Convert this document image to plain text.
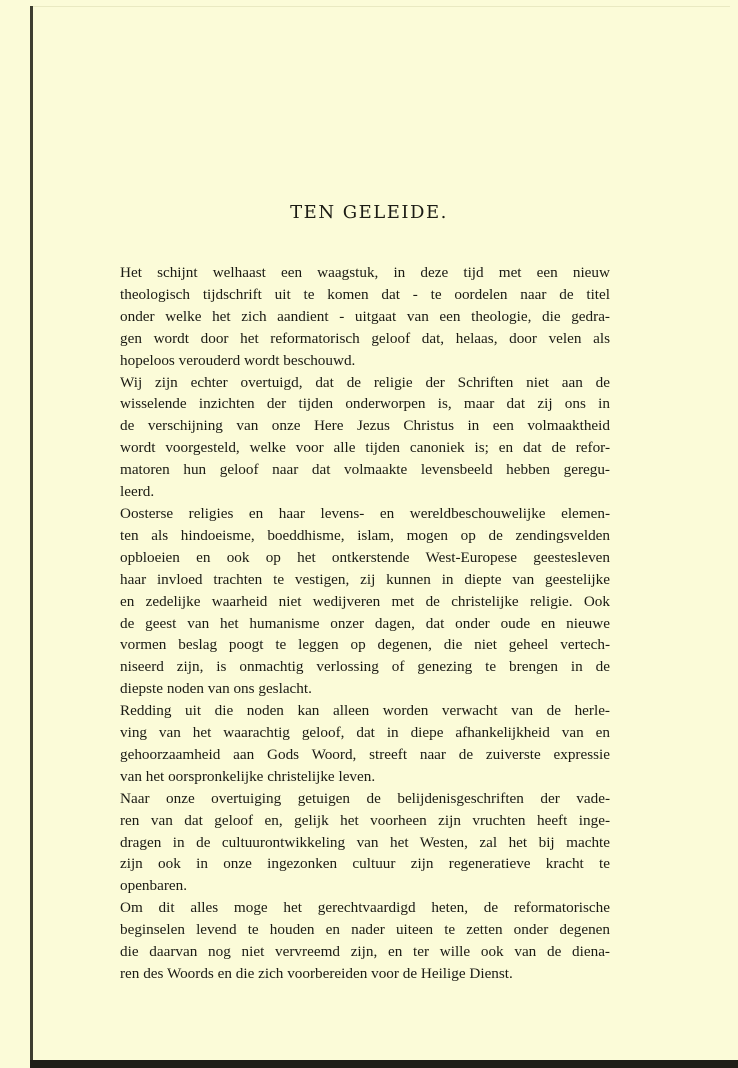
TEN GELEIDE.

Het schijnt welhaast een waagstuk, in deze tijd met een nieuw
theologisch tijdschrift uit te komen dat - te oordelen naar de titel
onder welke het zich aandient - uitgaat van een theologie, die gedra-
gen wordt door het reformatorisch geloof dat, helaas, door velen als
hopeloos verouderd wordt beschouwd.

Wij zijn echter overtuigd, dat de religie der Schriften niet aan de
wisselende inzichten der tijden onderworpen is, maar dat zij ons in
de verschijning van onze Here Jezus Christus in een volmaaktheid
wordt voorgesteld, welke voor alle tijden canoniek is; en dat de refor-
matoren hun geloof naar dat volmaakte levensbeeld hebben geregu-
leerd.

Oosterse religies en haar levens- en wereldbeschouwelijke elemen-
ten als hindoeisme, boeddhisme, islam, mogen op de zendingsvelden
opbloeien en ook op het ontkerstende West-Europese geestesleven
haar invloed trachten te vestigen, zij kunnen in diepte van geestelijke
en zedelijke waarheid niet wedijveren met de christelijke religie. Ook
de geest van het humanisme onzer dagen, dat onder oude en nieuwe
vormen beslag poogt te leggen op degenen, die niet geheel vertech-
niseerd zijn, is onmachtig verlossing of genezing te brengen in de
diepste noden van ons geslacht.

Redding uit die noden kan alleen worden verwacht van de herle-
ving van het waarachtig geloof, dat in diepe afhankelijkheid van en
gehoorzaamheid aan Gods Woord, streeft naar de zuiverste expressie
van het oorspronkelijke christelijke leven.

Naar onze overtuiging getuigen de belijdenisgeschriften der vade-
ren van dat geloof en, gelijk het voorheen zijn vruchten heeft inge-
dragen in de cultuurontwikkeling van het Westen, zal het bij machte
zijn ook in onze ingezonken cultuur zijn regeneratieve kracht te
openbaren.

Om dit alles moge het gerechtvaardigd heten, de reformatorische
beginselen levend te houden en nader uiteen te zetten onder degenen
die daarvan nog niet vervreemd zijn, en ter wille ook van de diena-
ren des Woords en die zich voorbereiden voor de Heilige Dienst.
